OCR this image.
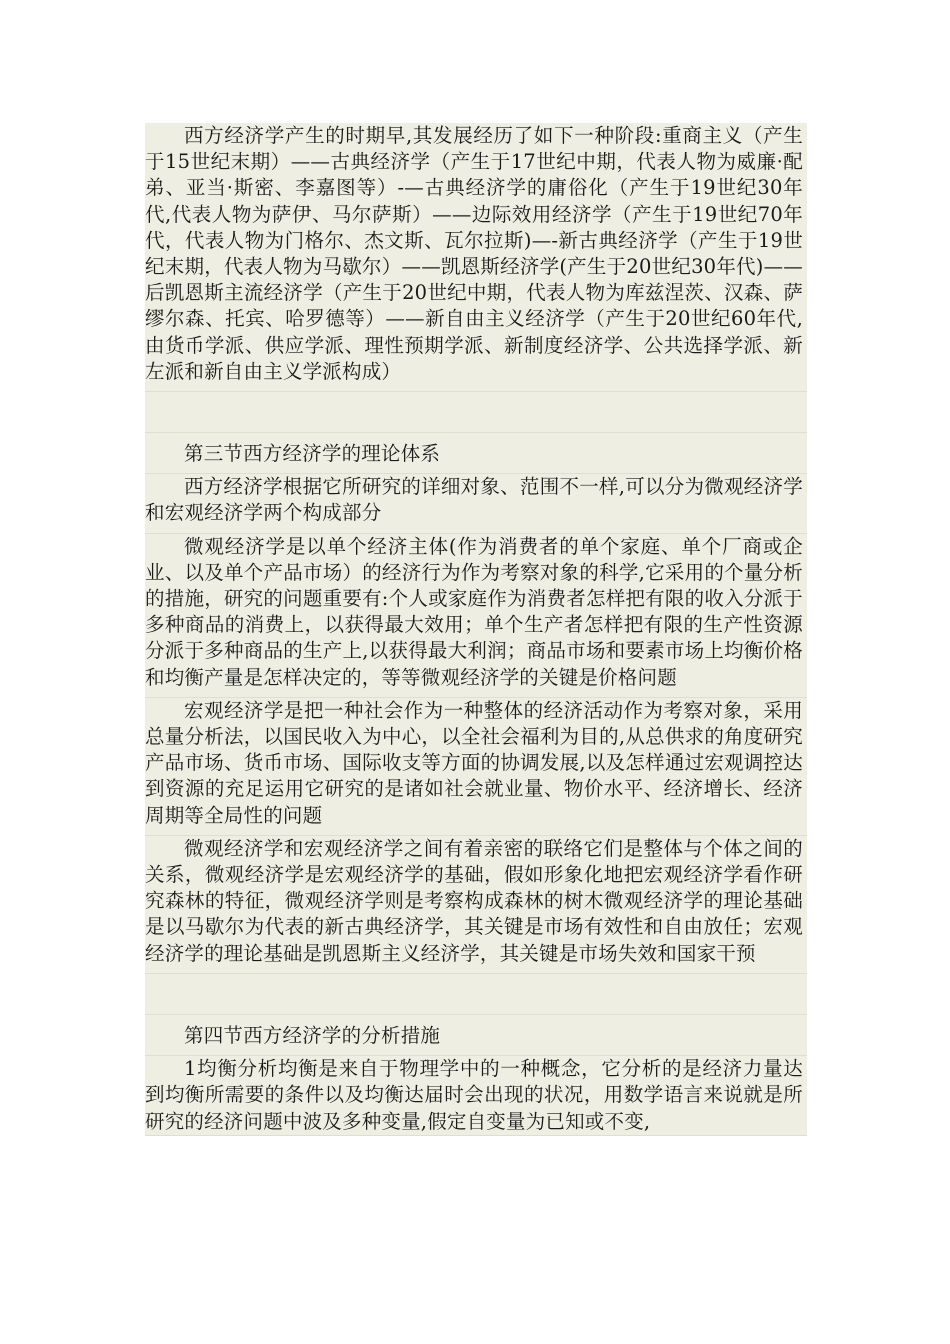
西方经济学产生的时期早,其发展经历了如下一种阶段:重商主义（产生于15世纪末期）——古典经济学（产生于17世纪中期，代表人物为威廉·配弟、亚当·斯密、李嘉图等）-—古典经济学的庸俗化（产生于19世纪30年代,代表人物为萨伊、马尔萨斯）——边际效用经济学（产生于19世纪70年代，代表人物为门格尔、杰文斯、瓦尔拉斯)—-新古典经济学（产生于19世纪末期，代表人物为马歇尔）——凯恩斯经济学(产生于20世纪30年代)——后凯恩斯主流经济学（产生于20世纪中期，代表人物为库兹涅茨、汉森、萨缪尔森、托宾、哈罗德等）——新自由主义经济学（产生于20世纪60年代,由货币学派、供应学派、理性预期学派、新制度经济学、公共选择学派、新左派和新自由主义学派构成）

第三节西方经济学的理论体系

西方经济学根据它所研究的详细对象、范围不一样,可以分为微观经济学和宏观经济学两个构成部分

微观经济学是以单个经济主体(作为消费者的单个家庭、单个厂商或企业、以及单个产品市场）的经济行为作为考察对象的科学,它采用的个量分析的措施，研究的问题重要有:个人或家庭作为消费者怎样把有限的收入分派于多种商品的消费上，以获得最大效用；单个生产者怎样把有限的生产性资源分派于多种商品的生产上,以获得最大利润；商品市场和要素市场上均衡价格和均衡产量是怎样决定的，等等微观经济学的关键是价格问题

宏观经济学是把一种社会作为一种整体的经济活动作为考察对象，采用总量分析法，以国民收入为中心，以全社会福利为目的,从总供求的角度研究产品市场、货币市场、国际收支等方面的协调发展,以及怎样通过宏观调控达到资源的充足运用它研究的是诸如社会就业量、物价水平、经济增长、经济周期等全局性的问题

微观经济学和宏观经济学之间有着亲密的联络它们是整体与个体之间的关系，微观经济学是宏观经济学的基础，假如形象化地把宏观经济学看作研究森林的特征，微观经济学则是考察构成森林的树木微观经济学的理论基础是以马歇尔为代表的新古典经济学，其关键是市场有效性和自由放任；宏观经济学的理论基础是凯恩斯主义经济学，其关键是市场失效和国家干预

第四节西方经济学的分析措施

1均衡分析均衡是来自于物理学中的一种概念，它分析的是经济力量达到均衡所需要的条件以及均衡达届时会出现的状况，用数学语言来说就是所研究的经济问题中波及多种变量,假定自变量为已知或不变,
